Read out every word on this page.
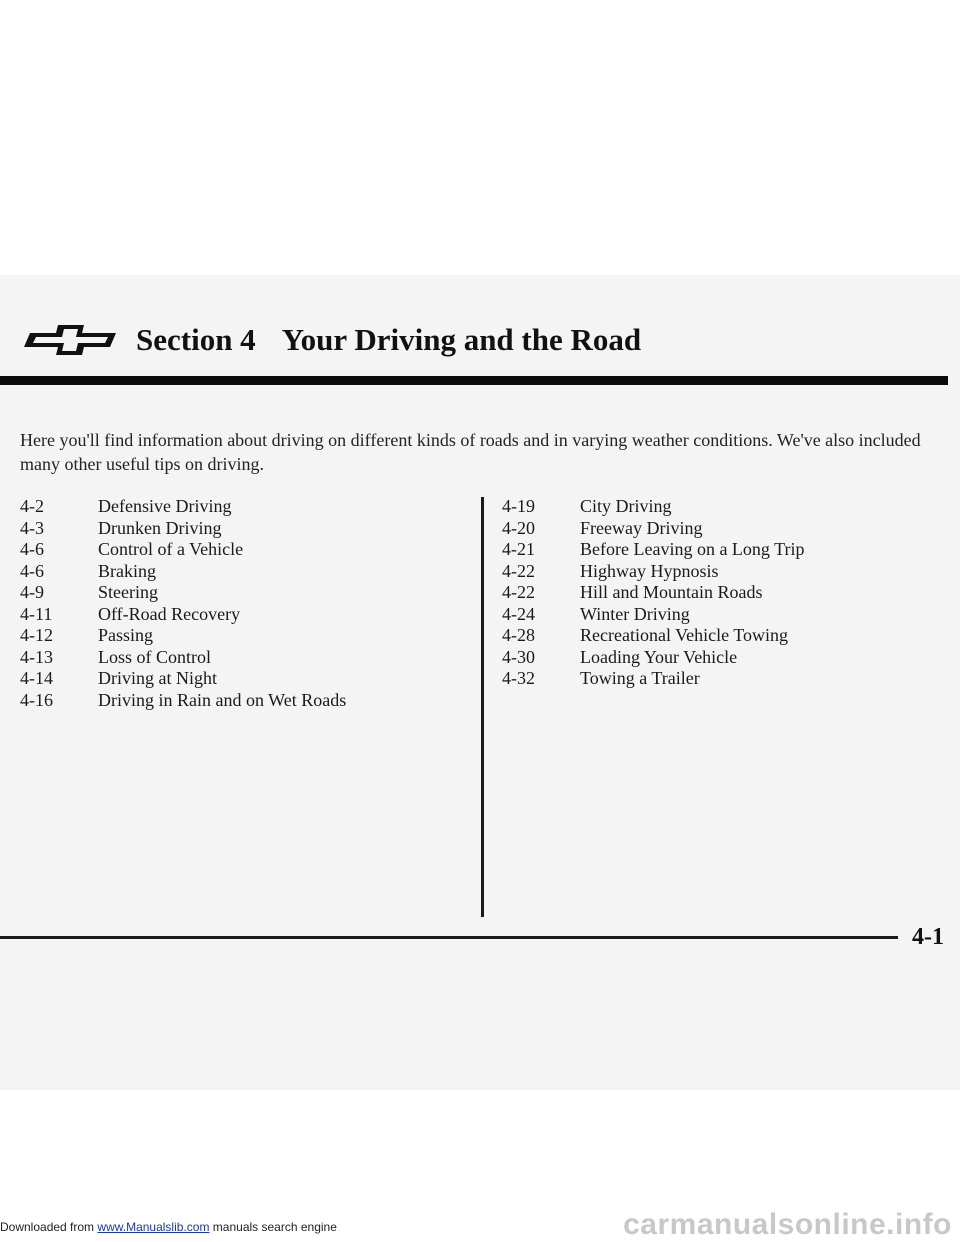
Section 4 Your Driving and the Road
Here you'll find information about driving on different kinds of roads and in varying weather conditions. We've also included many other useful tips on driving.
4-2	Defensive Driving
4-3	Drunken Driving
4-6	Control of a Vehicle
4-6	Braking
4-9	Steering
4-11	Off-Road Recovery
4-12	Passing
4-13	Loss of Control
4-14	Driving at Night
4-16	Driving in Rain and on Wet Roads
4-19	City Driving
4-20	Freeway Driving
4-21	Before Leaving on a Long Trip
4-22	Highway Hypnosis
4-22	Hill and Mountain Roads
4-24	Winter Driving
4-28	Recreational Vehicle Towing
4-30	Loading Your Vehicle
4-32	Towing a Trailer
4-1
Downloaded from www.Manualslib.com manuals search engine	carmanualsonline.info
